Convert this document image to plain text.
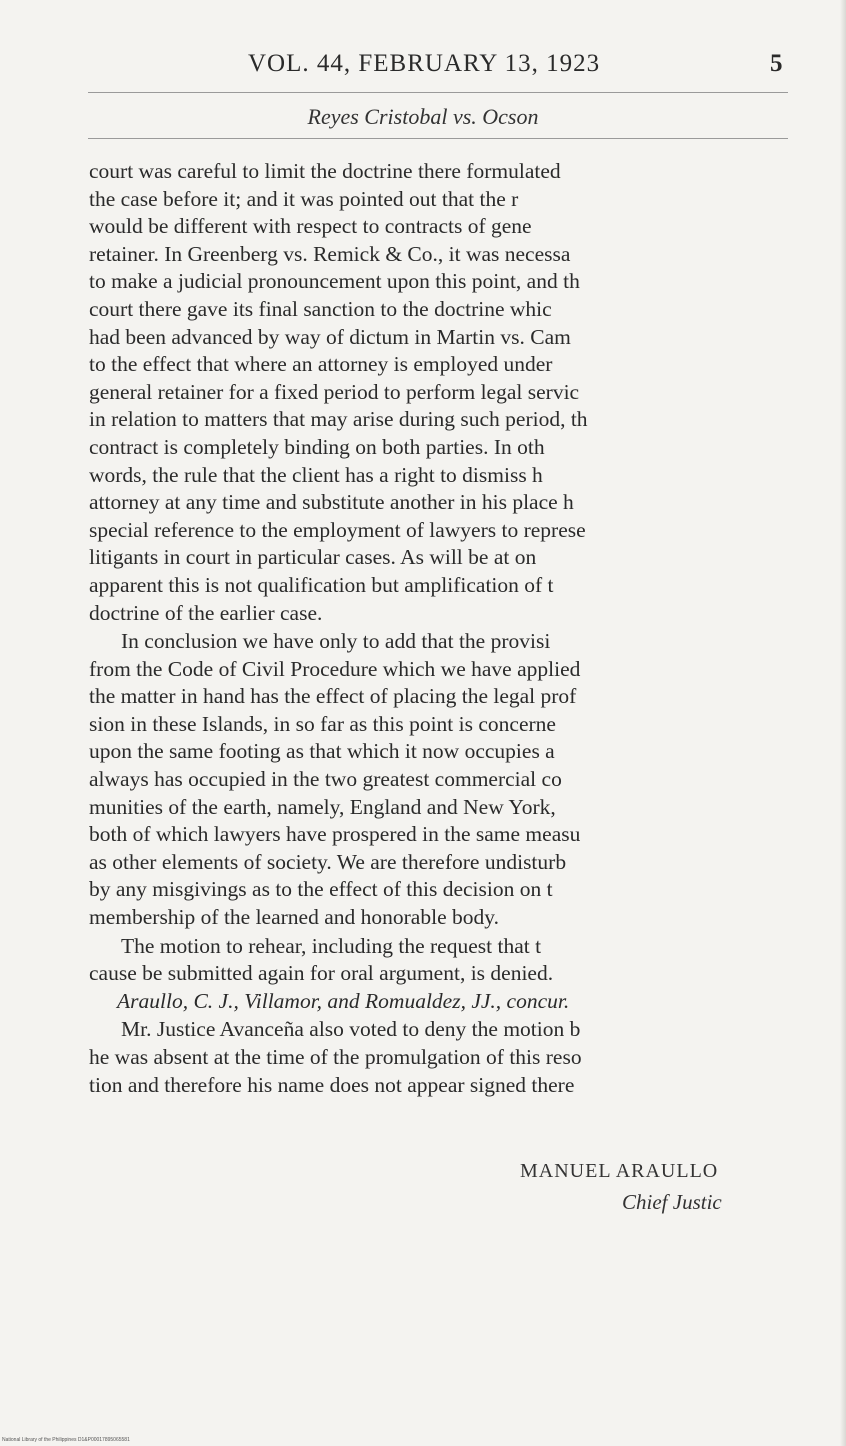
VOL. 44, FEBRUARY 13, 1923	5
Reyes Cristobal vs. Ocson
court was careful to limit the doctrine there formulated
the case before it; and it was pointed out that the r
would be different with respect to contracts of gene
retainer. In Greenberg vs. Remick & Co., it was necessa
to make a judicial pronouncement upon this point, and th
court there gave its final sanction to the doctrine whic
had been advanced by way of dictum in Martin vs. Cam
to the effect that where an attorney is employed under
general retainer for a fixed period to perform legal servic
in relation to matters that may arise during such period, th
contract is completely binding on both parties. In oth
words, the rule that the client has a right to dismiss h
attorney at any time and substitute another in his place h
special reference to the employment of lawyers to represe
litigants in court in particular cases. As will be at on
apparent this is not qualification but amplification of t
doctrine of the earlier case.
In conclusion we have only to add that the provisi
from the Code of Civil Procedure which we have applied
the matter in hand has the effect of placing the legal prof
sion in these Islands, in so far as this point is concerne
upon the same footing as that which it now occupies a
always has occupied in the two greatest commercial co
munities of the earth, namely, England and New York,
both of which lawyers have prospered in the same measu
as other elements of society. We are therefore undisturb
by any misgivings as to the effect of this decision on t
membership of the learned and honorable body.
The motion to rehear, including the request that t
cause be submitted again for oral argument, is denied.
Araullo, C. J., Villamor, and Romualdez, JJ., concur.
Mr. Justice Avanceña also voted to deny the motion b
he was absent at the time of the promulgation of this reso
tion and therefore his name does not appear signed there
MANUEL ARAULLO
Chief Justic
National Library of the Philippines D1&P00017895065581
